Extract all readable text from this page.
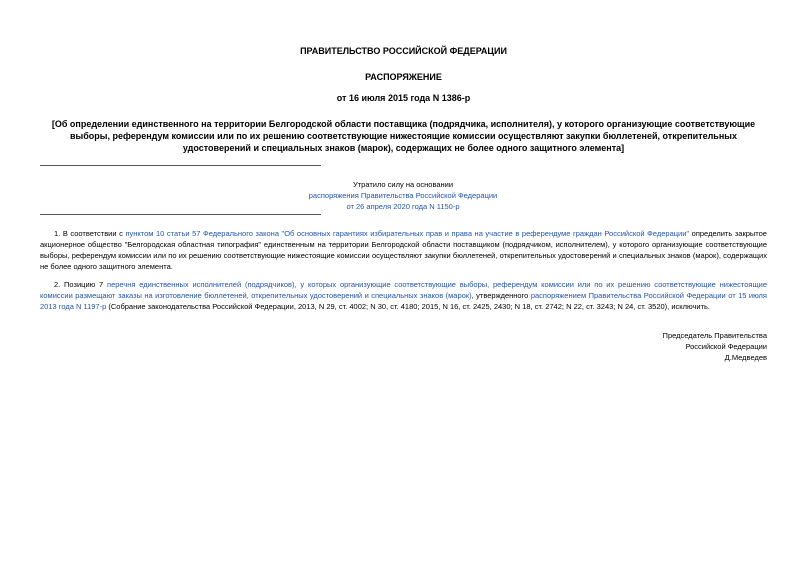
ПРАВИТЕЛЬСТВО РОССИЙСКОЙ ФЕДЕРАЦИИ
РАСПОРЯЖЕНИЕ
от 16 июля 2015 года N 1386-р
[Об определении единственного на территории Белгородской области поставщика (подрядчика, исполнителя), у которого организующие соответствующие выборы, референдум комиссии или по их решению соответствующие нижестоящие комиссии осуществляют закупки бюллетеней, открепительных удостоверений и специальных знаков (марок), содержащих не более одного защитного элемента]
Утратило силу на основании
распоряжения Правительства Российской Федерации
от 26 апреля 2020 года N 1150-р
1. В соответствии с пунктом 10 статьи 57 Федерального закона "Об основных гарантиях избирательных прав и права на участие в референдуме граждан Российской Федерации" определить закрытое акционерное общество "Белгородская областная типография" единственным на территории Белгородской области поставщиком (подрядчиком, исполнителем), у которого организующие соответствующие выборы, референдум комиссии или по их решению соответствующие нижестоящие комиссии осуществляют закупки бюллетеней, открепительных удостоверений и специальных знаков (марок), содержащих не более одного защитного элемента.
2. Позицию 7 перечня единственных исполнителей (подрядчиков), у которых организующие соответствующие выборы, референдум комиссии или по их решению соответствующие нижестоящие комиссии размещают заказы на изготовление бюллетеней, открепительных удостоверений и специальных знаков (марок), утвержденного распоряжением Правительства Российской Федерации от 15 июля 2013 года N 1197-р (Собрание законодательства Российской Федерации, 2013, N 29, ст. 4002; N 30, ст. 4180; 2015, N 16, ст. 2425, 2430; N 18, ст. 2742; N 22, ст. 3243; N 24, ст. 3520), исключить.
Председатель Правительства
Российской Федерации
Д.Медведев
